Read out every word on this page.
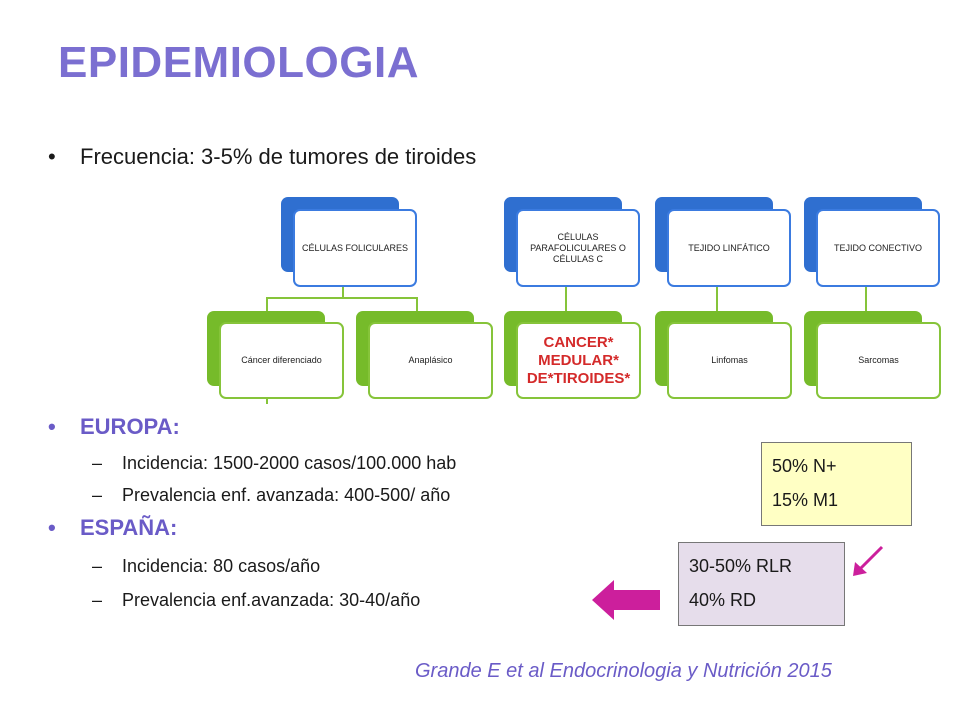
EPIDEMIOLOGIA
• Frecuencia: 3-5% de tumores de tiroides
CÉLULAS FOLICULARES
Cáncer diferenciado	Anaplásico
CÉLULAS PARAFOLICULARES O CÉLULAS C
CANCER* MEDULAR* DE*TIROIDES*
TEJIDO LINFÁTICO
Linfomas
TEJIDO CONECTIVO
Sarcomas
• EUROPA:
– Incidencia: 1500-2000 casos/100.000 hab
– Prevalencia enf. avanzada: 400-500/ año
• ESPAÑA:
– Incidencia: 80 casos/año
– Prevalencia enf.avanzada: 30-40/año
50% N+
15% M1
30-50% RLR
40% RD
Grande E et al Endocrinologia y Nutrición 2015
